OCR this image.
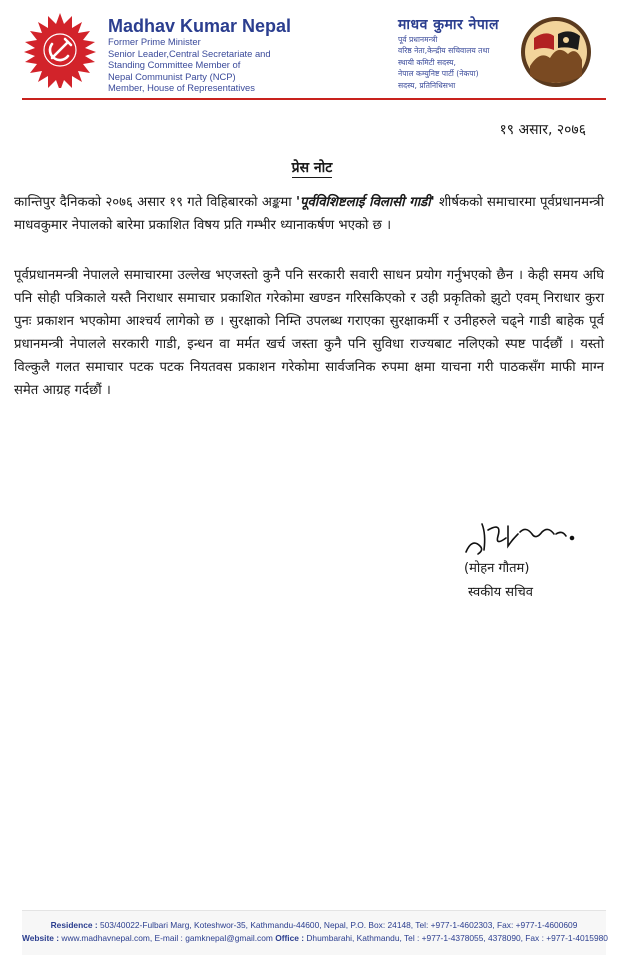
Madhav Kumar Nepal
Former Prime Minister
Senior Leader,Central Secretariate and
Standing Committee Member of
Nepal Communist Party (NCP)
Member, House of Representatives
माधव कुमार नेपाल
पूर्व प्रधानमन्त्री
वरिष्ठ नेता,केन्द्रीय सचिवालय तथा
स्थायी कमिटी सदस्य,
नेपाल कम्युनिष्ट पार्टी (नेकपा)
सदस्य, प्रतिनिधिसभा
१९ असार, २०७६
प्रेस नोट
कान्तिपुर दैनिकको २०७६ असार १९ गते विहिबारको अङ्कमा 'पूर्वविशिष्टलाई विलासी गाडी' शीर्षकको समाचारमा पूर्वप्रधानमन्त्री माधवकुमार नेपालको बारेमा प्रकाशित विषय प्रति गम्भीर ध्यानाकर्षण भएको छ ।
पूर्वप्रधानमन्त्री नेपालले समाचारमा उल्लेख भएजस्तो कुनै पनि सरकारी सवारी साधन प्रयोग गर्नुभएको छैन । केही समय अघि पनि सोही पत्रिकाले यस्तै निराधार समाचार प्रकाशित गरेकोमा खण्डन गरिसकिएको र उही प्रकृतिको झुटो एवम् निराधार कुरा पुनः प्रकाशन भएकोमा आश्चर्य लागेको छ । सुरक्षाको निम्ति उपलब्ध गराएका सुरक्षाकर्मी र उनीहरुले चढ्ने गाडी बाहेक पूर्व प्रधानमन्त्री नेपालले सरकारी गाडी, इन्धन वा मर्मत खर्च जस्ता कुनै पनि सुविधा राज्यबाट नलिएको स्पष्ट पार्दछौं । यस्तो विल्कुलै गलत समाचार पटक पटक नियतवस प्रकाशन गरेकोमा सार्वजनिक रुपमा क्षमा याचना गरी पाठकसँग माफी माग्न समेत आग्रह गर्दछौं ।
(मोहन गौतम)
स्वकीय सचिव
Residence : 503/40022-Fulbari Marg, Koteshwor-35, Kathmandu-44600, Nepal, P.O. Box: 24148, Tel: +977-1-4602303, Fax: +977-1-4600609
Website : www.madhavnepal.com, E-mail : gamknepal@gmail.com Office : Dhumbarahi, Kathmandu, Tel : +977-1-4378055, 4378090, Fax : +977-1-4015980
